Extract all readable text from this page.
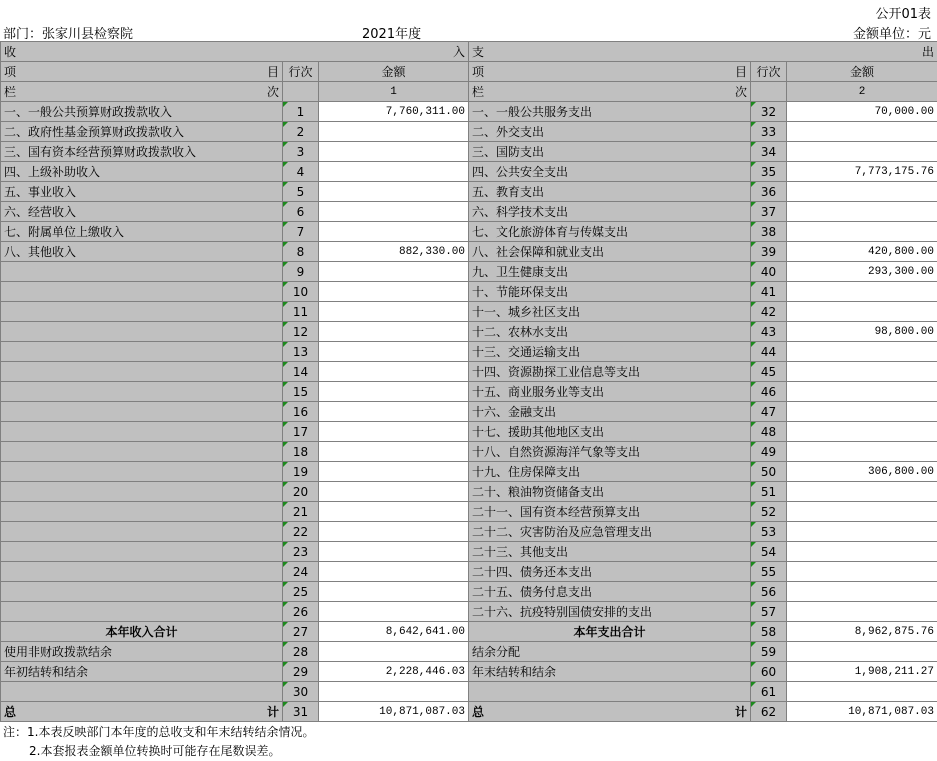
公开01表
部门：张家川县检察院	2021年度	金额单位：元
收 入			支 出		

项 目	行次	金额	项 目	行次	金额

栏 次		1	栏 次		2
一、一般公共预算财政拨款收入	1	7,760,311.00	一、一般公共服务支出	32	70,000.00
二、政府性基金预算财政拨款收入	2		二、外交支出	33	
三、国有资本经营预算财政拨款收入	3		三、国防支出	34	
四、上级补助收入	4		四、公共安全支出	35	7,773,175.76
五、事业收入	5		五、教育支出	36	
六、经营收入	6		六、科学技术支出	37	
七、附属单位上缴收入	7		七、文化旅游体育与传媒支出	38	
八、其他收入	8	882,330.00	八、社会保障和就业支出	39	420,800.00
	9		九、卫生健康支出	40	293,300.00
	10		十、节能环保支出	41	
	11		十一、城乡社区支出	42	
	12		十二、农林水支出	43	98,800.00
	13		十三、交通运输支出	44	
	14		十四、资源勘探工业信息等支出	45	
	15		十五、商业服务业等支出	46	
	16		十六、金融支出	47	
	17		十七、援助其他地区支出	48	
	18		十八、自然资源海洋气象等支出	49	
	19		十九、住房保障支出	50	306,800.00
	20		二十、粮油物资储备支出	51	
	21		二十一、国有资本经营预算支出	52	
	22		二十二、灾害防治及应急管理支出	53	
	23		二十三、其他支出	54	
	24		二十四、债务还本支出	55	
	25		二十五、债务付息支出	56	
	26		二十六、抗疫特别国债安排的支出	57	
本年收入合计	27	8,642,641.00	本年支出合计	58	8,962,875.76
使用非财政拨款结余	28		结余分配	59	
年初结转和结余	29	2,228,446.03	年末结转和结余	60	1,908,211.27
	30			61	

总 计	31	10,871,087.03	总 计	62	10,871,087.03
注：1.本表反映部门本年度的总收支和年末结转结余情况。
2.本套报表金额单位转换时可能存在尾数误差。
